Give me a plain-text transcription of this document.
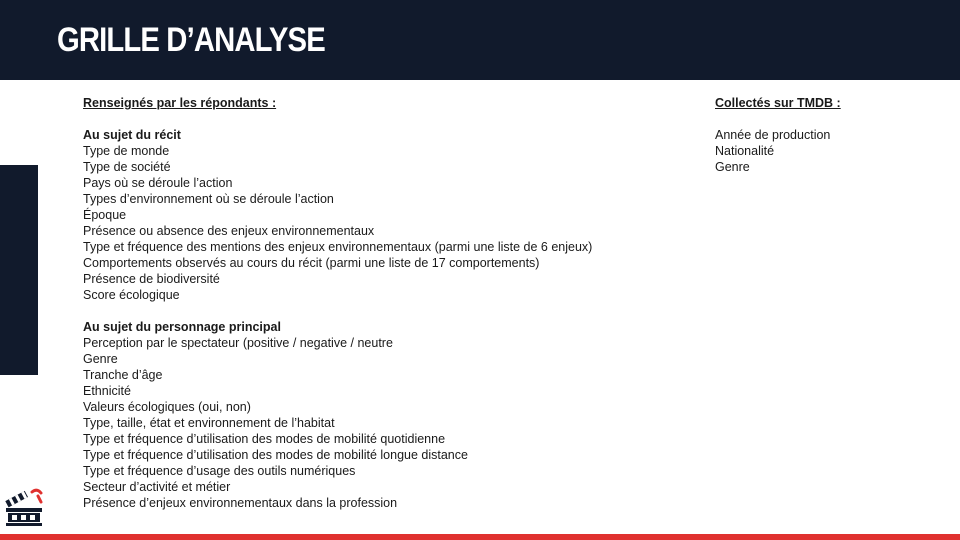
GRILLE D’ANALYSE
Renseignés par les répondants :
Au sujet du récit
Type de monde
Type de société
Pays où se déroule l’action
Types d’environnement où se déroule l’action
Époque
Présence ou absence des enjeux environnementaux
Type et fréquence des mentions des enjeux environnementaux (parmi une liste de 6 enjeux)
Comportements observés au cours du récit (parmi une liste de 17 comportements)
Présence de biodiversité
Score écologique
Au sujet du personnage principal
Perception par le spectateur (positive / negative / neutre
Genre
Tranche d’âge
Ethnicité
Valeurs écologiques (oui, non)
Type, taille, état et environnement de l’habitat
Type et fréquence d’utilisation des modes de mobilité quotidienne
Type et fréquence d’utilisation des modes de mobilité longue distance
Type et fréquence d’usage des outils numériques
Secteur d’activité et métier
Présence d’enjeux environnementaux dans la profession
Collectés sur TMDB :
Année de production
Nationalité
Genre
